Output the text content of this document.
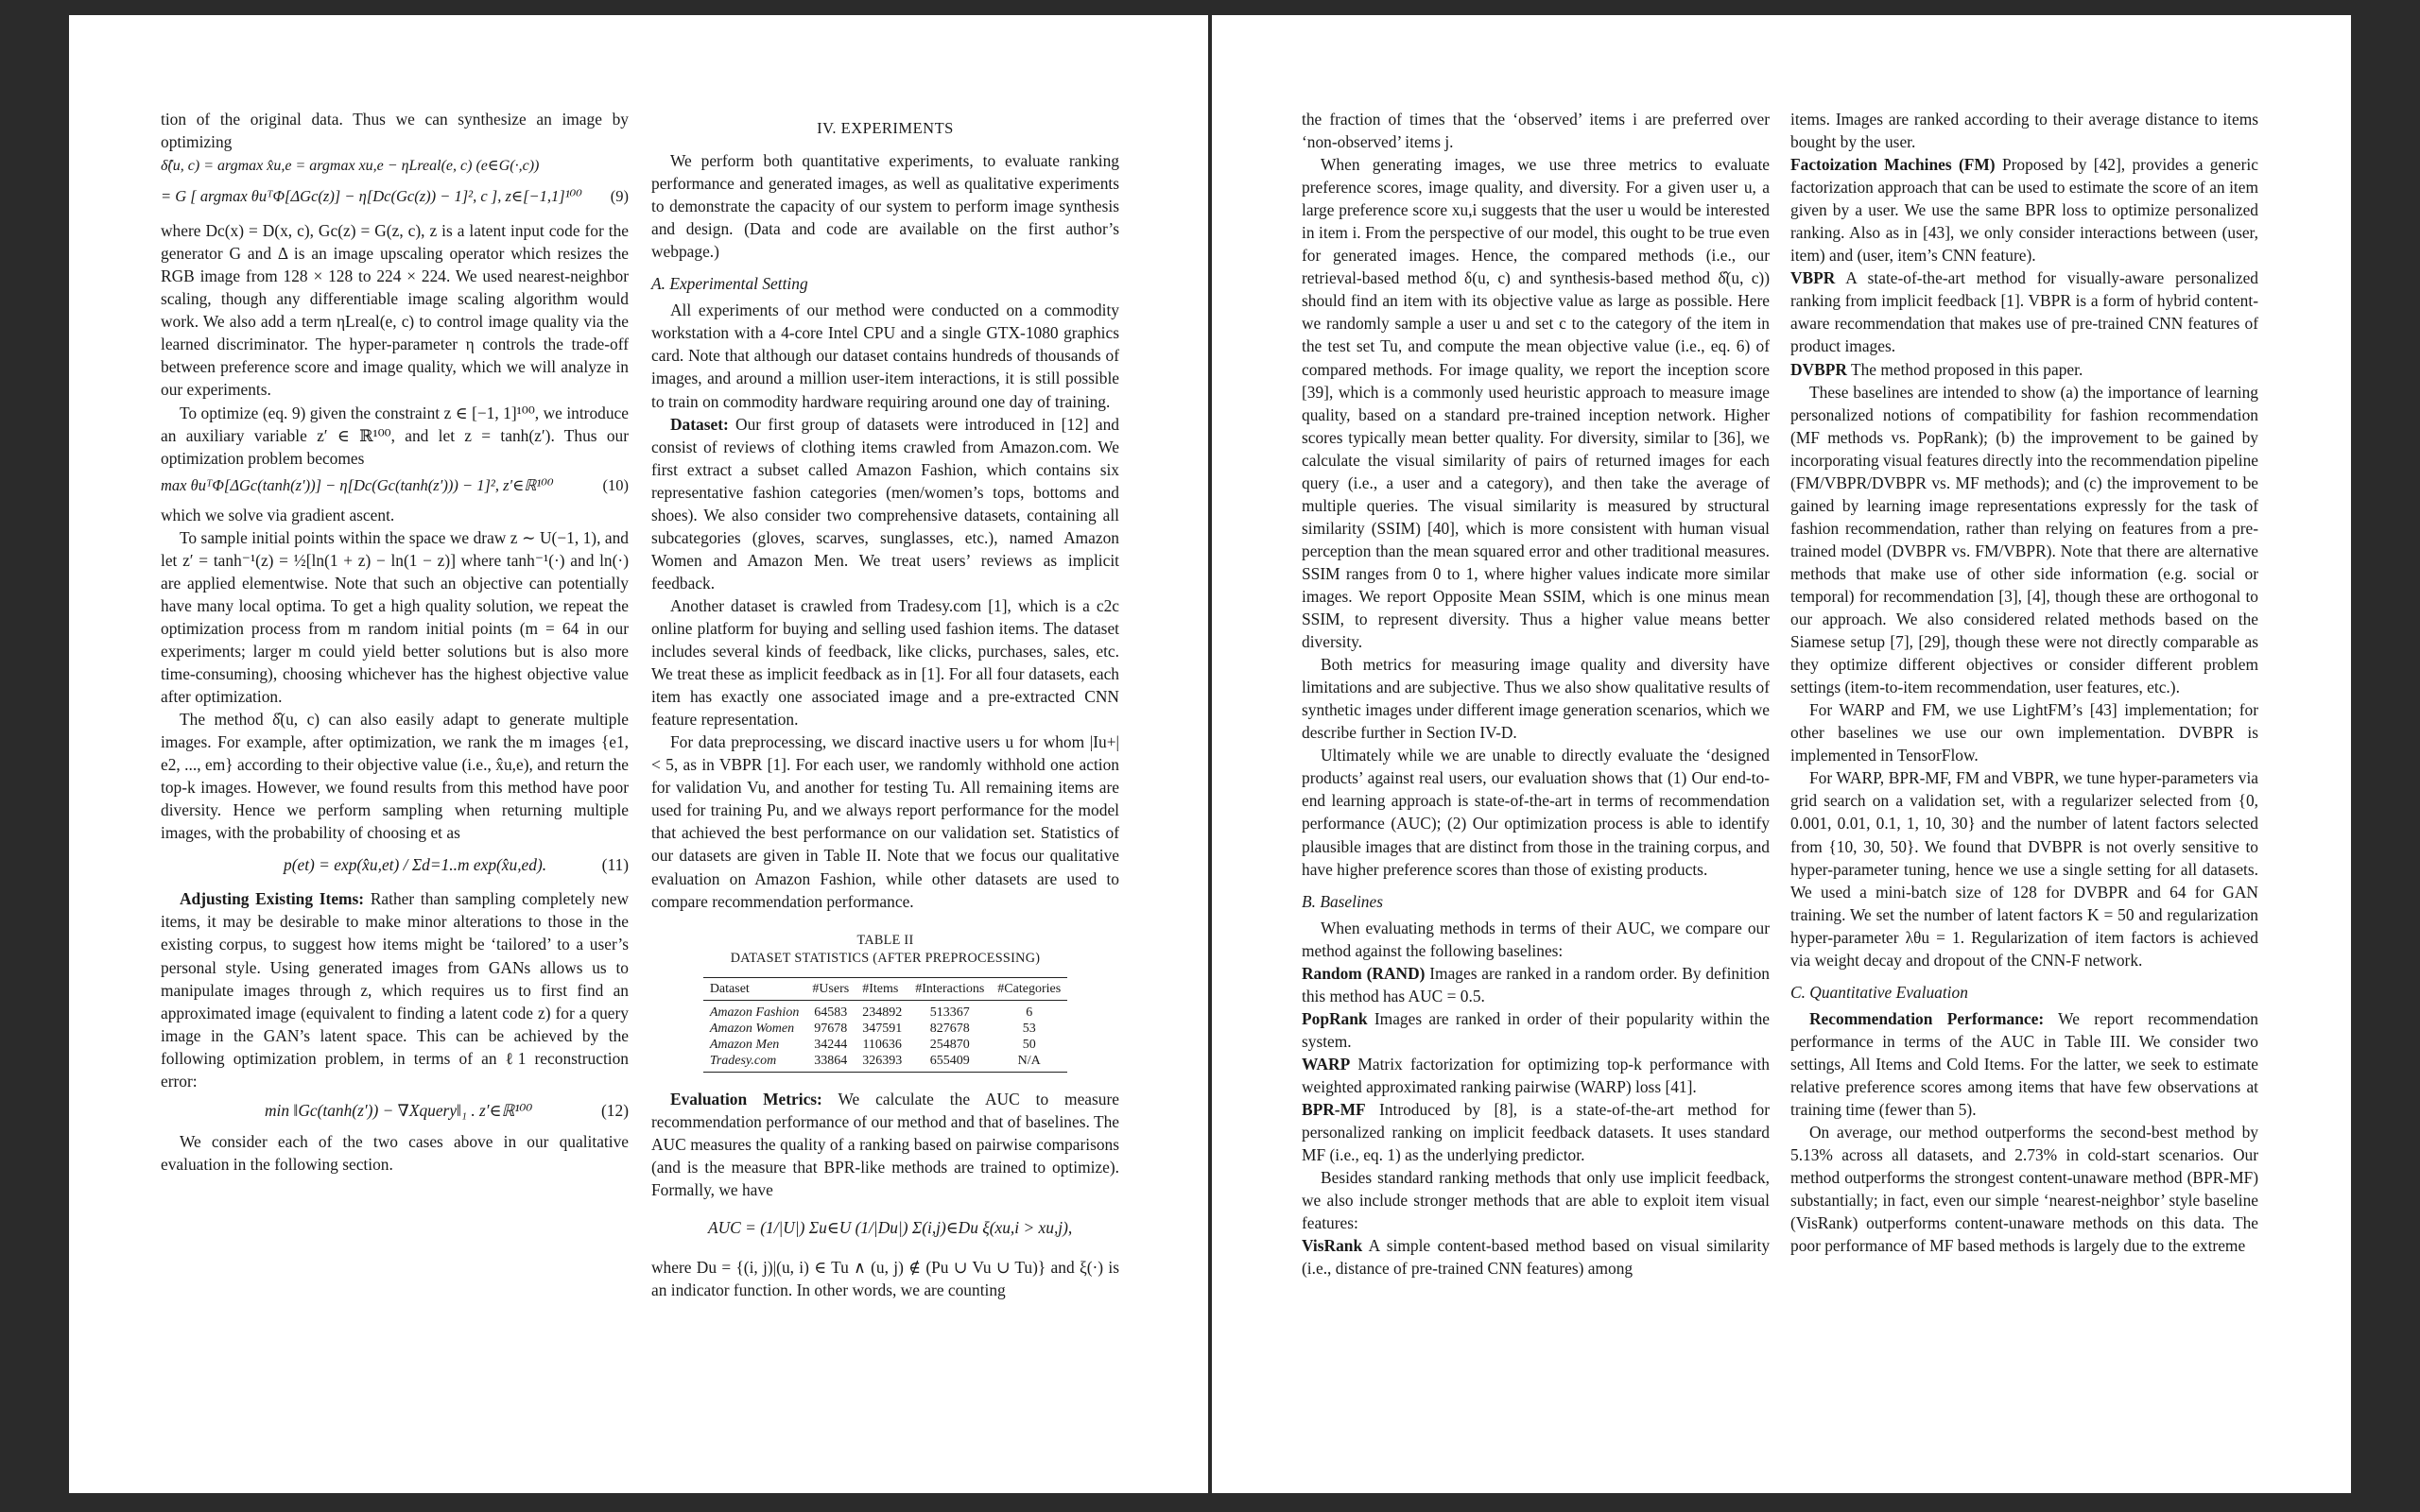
tion of the original data. Thus we can synthesize an image by optimizing

δ̂(u, c) = argmax x̂u,e = argmax xu,e − ηLreal(e, c) (e∈G(·,c))
= G [ argmax θuᵀΦ[ΔGc(z)] − η[Dc(Gc(z)) − 1]², c ], z∈[−1,1]¹⁰⁰ (9)

where Dc(x) = D(x, c), Gc(z) = G(z, c), z is a latent input code for the generator G and Δ is an image upscaling operator which resizes the RGB image from 128 × 128 to 224 × 224. We used nearest-neighbor scaling, though any differentiable image scaling algorithm would work. We also add a term ηLreal(e, c) to control image quality via the learned discriminator. The hyper-parameter η controls the trade-off between preference score and image quality, which we will analyze in our experiments.

To optimize (eq. 9) given the constraint z ∈ [−1, 1]¹⁰⁰, we introduce an auxiliary variable z′ ∈ ℝ¹⁰⁰, and let z = tanh(z′). Thus our optimization problem becomes

max θuᵀΦ[ΔGc(tanh(z′))] − η[Dc(Gc(tanh(z′))) − 1]², z′∈ℝ¹⁰⁰	(10)

which we solve via gradient ascent.

To sample initial points within the space we draw z ∼ U(−1, 1), and let z′ = tanh⁻¹(z) = ½[ln(1 + z) − ln(1 − z)] where tanh⁻¹(·) and ln(·) are applied elementwise. Note that such an objective can potentially have many local optima. To get a high quality solution, we repeat the optimization process from m random initial points (m = 64 in our experiments; larger m could yield better solutions but is also more time-consuming), choosing whichever has the highest objective value after optimization.

The method δ̂(u, c) can also easily adapt to generate multiple images. For example, after optimization, we rank the m images {e1, e2, ..., em} according to their objective value (i.e., x̂u,e), and return the top-k images. However, we found results from this method have poor diversity. Hence we perform sampling when returning multiple images, with the probability of choosing et as

p(et) = exp(x̂u,et) / Σd=1..m exp(x̂u,ed).	(11)

Adjusting Existing Items: Rather than sampling completely new items, it may be desirable to make minor alterations to those in the existing corpus, to suggest how items might be ‘tailored’ to a user’s personal style. Using generated images from GANs allows us to manipulate images through z, which requires us to first find an approximated image (equivalent to finding a latent code z) for a query image in the GAN’s latent space. This can be achieved by the following optimization problem, in terms of an ℓ1 reconstruction error:

min ‖Gc(tanh(z′)) − ∇Xquery‖₁ . z′∈ℝ¹⁰⁰	(12)

We consider each of the two cases above in our qualitative evaluation in the following section.

IV. EXPERIMENTS

We perform both quantitative experiments, to evaluate ranking performance and generated images, as well as qualitative experiments to demonstrate the capacity of our system to perform image synthesis and design. (Data and code are available on the first author’s webpage.)

A. Experimental Setting

All experiments of our method were conducted on a commodity workstation with a 4-core Intel CPU and a single GTX-1080 graphics card. Note that although our dataset contains hundreds of thousands of images, and around a million user-item interactions, it is still possible to train on commodity hardware requiring around one day of training.

Dataset: Our first group of datasets were introduced in [12] and consist of reviews of clothing items crawled from Amazon.com. We first extract a subset called Amazon Fashion, which contains six representative fashion categories (men/women’s tops, bottoms and shoes). We also consider two comprehensive datasets, containing all subcategories (gloves, scarves, sunglasses, etc.), named Amazon Women and Amazon Men. We treat users’ reviews as implicit feedback.

Another dataset is crawled from Tradesy.com [1], which is a c2c online platform for buying and selling used fashion items. The dataset includes several kinds of feedback, like clicks, purchases, sales, etc. We treat these as implicit feedback as in [1]. For all four datasets, each item has exactly one associated image and a pre-extracted CNN feature representation.

For data preprocessing, we discard inactive users u for whom |Iu+| < 5, as in VBPR [1]. For each user, we randomly withhold one action for validation Vu, and another for testing Tu. All remaining items are used for training Pu, and we always report performance for the model that achieved the best performance on our validation set. Statistics of our datasets are given in Table II. Note that we focus our qualitative evaluation on Amazon Fashion, while other datasets are used to compare recommendation performance.

TABLE II
DATASET STATISTICS (AFTER PREPROCESSING)
Dataset	#Users	#Items	#Interactions	#Categories
Amazon Fashion	64583	234892	513367	6
Amazon Women	97678	347591	827678	53
Amazon Men	34244	110636	254870	50
Tradesy.com	33864	326393	655409	N/A

Evaluation Metrics: We calculate the AUC to measure recommendation performance of our method and that of baselines. The AUC measures the quality of a ranking based on pairwise comparisons (and is the measure that BPR-like methods are trained to optimize). Formally, we have

AUC = (1/|U|) Σu∈U (1/|Du|) Σ(i,j)∈Du ξ(xu,i > xu,j),

where Du = {(i, j)|(u, i) ∈ Tu ∧ (u, j) ∉ (Pu ∪ Vu ∪ Tu)} and ξ(·) is an indicator function. In other words, we are counting

the fraction of times that the ‘observed’ items i are preferred over ‘non-observed’ items j.

When generating images, we use three metrics to evaluate preference scores, image quality, and diversity. For a given user u, a large preference score xu,i suggests that the user u would be interested in item i. From the perspective of our model, this ought to be true even for generated images. Hence, the compared methods (i.e., our retrieval-based method δ(u, c) and synthesis-based method δ̂(u, c)) should find an item with its objective value as large as possible. Here we randomly sample a user u and set c to the category of the item in the test set Tu, and compute the mean objective value (i.e., eq. 6) of compared methods. For image quality, we report the inception score [39], which is a commonly used heuristic approach to measure image quality, based on a standard pre-trained inception network. Higher scores typically mean better quality. For diversity, similar to [36], we calculate the visual similarity of pairs of returned images for each query (i.e., a user and a category), and then take the average of multiple queries. The visual similarity is measured by structural similarity (SSIM) [40], which is more consistent with human visual perception than the mean squared error and other traditional measures. SSIM ranges from 0 to 1, where higher values indicate more similar images. We report Opposite Mean SSIM, which is one minus mean SSIM, to represent diversity. Thus a higher value means better diversity.

Both metrics for measuring image quality and diversity have limitations and are subjective. Thus we also show qualitative results of synthetic images under different image generation scenarios, which we describe further in Section IV-D.

Ultimately while we are unable to directly evaluate the ‘designed products’ against real users, our evaluation shows that (1) Our end-to-end learning approach is state-of-the-art in terms of recommendation performance (AUC); (2) Our optimization process is able to identify plausible images that are distinct from those in the training corpus, and have higher preference scores than those of existing products.

B. Baselines

When evaluating methods in terms of their AUC, we compare our method against the following baselines:

Random (RAND) Images are ranked in a random order. By definition this method has AUC = 0.5.

PopRank Images are ranked in order of their popularity within the system.

WARP Matrix factorization for optimizing top-k performance with weighted approximated ranking pairwise (WARP) loss [41].

BPR-MF Introduced by [8], is a state-of-the-art method for personalized ranking on implicit feedback datasets. It uses standard MF (i.e., eq. 1) as the underlying predictor.

Besides standard ranking methods that only use implicit feedback, we also include stronger methods that are able to exploit item visual features:

VisRank A simple content-based method based on visual similarity (i.e., distance of pre-trained CNN features) among

items. Images are ranked according to their average distance to items bought by the user.

Factoization Machines (FM) Proposed by [42], provides a generic factorization approach that can be used to estimate the score of an item given by a user. We use the same BPR loss to optimize personalized ranking. Also as in [43], we only consider interactions between (user, item) and (user, item’s CNN feature).

VBPR A state-of-the-art method for visually-aware personalized ranking from implicit feedback [1]. VBPR is a form of hybrid content-aware recommendation that makes use of pre-trained CNN features of product images.

DVBPR The method proposed in this paper.

These baselines are intended to show (a) the importance of learning personalized notions of compatibility for fashion recommendation (MF methods vs. PopRank); (b) the improvement to be gained by incorporating visual features directly into the recommendation pipeline (FM/VBPR/DVBPR vs. MF methods); and (c) the improvement to be gained by learning image representations expressly for the task of fashion recommendation, rather than relying on features from a pre-trained model (DVBPR vs. FM/VBPR). Note that there are alternative methods that make use of other side information (e.g. social or temporal) for recommendation [3], [4], though these are orthogonal to our approach. We also considered related methods based on the Siamese setup [7], [29], though these were not directly comparable as they optimize different objectives or consider different problem settings (item-to-item recommendation, user features, etc.).

For WARP and FM, we use LightFM’s [43] implementation; for other baselines we use our own implementation. DVBPR is implemented in TensorFlow.

For WARP, BPR-MF, FM and VBPR, we tune hyper-parameters via grid search on a validation set, with a regularizer selected from {0, 0.001, 0.01, 0.1, 1, 10, 30} and the number of latent factors selected from {10, 30, 50}. We found that DVBPR is not overly sensitive to hyper-parameter tuning, hence we use a single setting for all datasets. We used a mini-batch size of 128 for DVBPR and 64 for GAN training. We set the number of latent factors K = 50 and regularization hyper-parameter λθu = 1. Regularization of item factors is achieved via weight decay and dropout of the CNN-F network.

C. Quantitative Evaluation

Recommendation Performance: We report recommendation performance in terms of the AUC in Table III. We consider two settings, All Items and Cold Items. For the latter, we seek to estimate relative preference scores among items that have few observations at training time (fewer than 5).

On average, our method outperforms the second-best method by 5.13% across all datasets, and 2.73% in cold-start scenarios. Our method outperforms the strongest content-unaware method (BPR-MF) substantially; in fact, even our simple ‘nearest-neighbor’ style baseline (VisRank) outperforms content-unaware methods on this data. The poor performance of MF based methods is largely due to the extreme
